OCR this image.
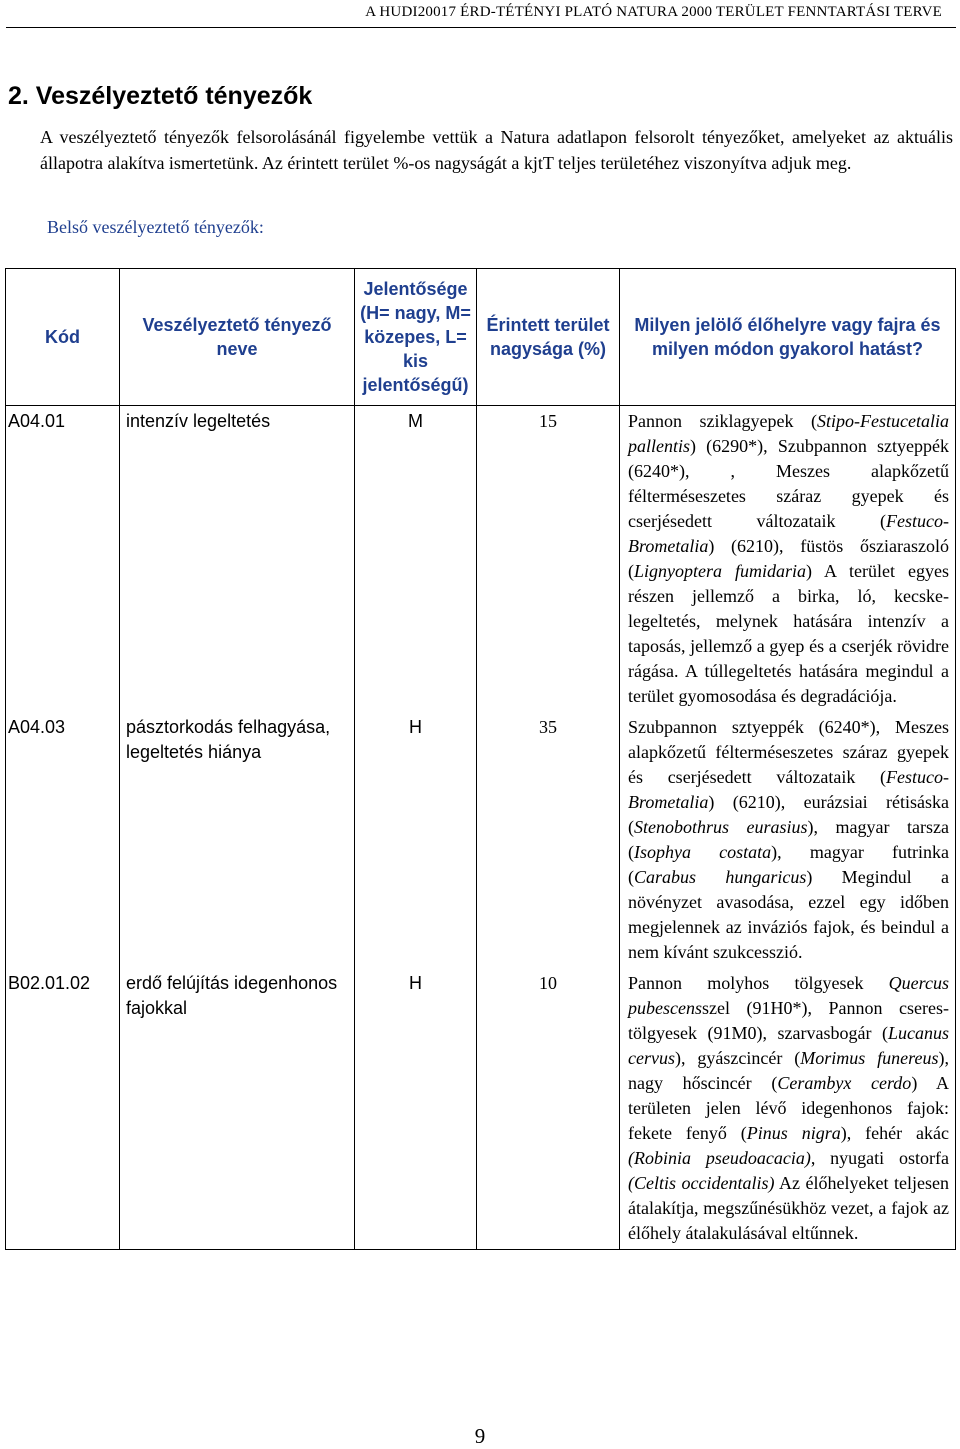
A HUDI20017 ÉRD-TÉTÉNYI PLATÓ NATURA 2000 TERÜLET FENNTARTÁSI TERVE
2. Veszélyeztető tényezők

A veszélyeztető tényezők felsorolásánál figyelembe vettük a Natura adatlapon felsorolt tényezőket, amelyeket az aktuális állapotra alakítva ismertetünk. Az érintett terület %-os nagyságát a kjtT teljes területéhez viszonyítva adjuk meg.

Belső veszélyeztető tényezők:
Kód	Veszélyeztető tényező neve	Jelentősége (H= nagy, M= közepes, L= kis jelentőségű)	Érintett terület nagysága (%)	Milyen jelölő élőhelyre vagy fajra és milyen módon gyakorol hatást?
A04.01	intenzív legeltetés	M	15	Pannon sziklagyepek (Stipo-Festucetalia pallentis) (6290*), Szubpannon sztyeppék (6240*), , Meszes alapkőzetű félterméseszetes száraz gyepek és cserjésedett változataik (Festuco-Brometalia) (6210), füstös ősziaraszoló (Lignyoptera fumidaria) A terület egyes részen jellemző a birka, ló, kecske-legeltetés, melynek hatására intenzív a taposás, jellemző a gyep és a cserjék rövidre rágása. A túllegeltetés hatására megindul a terület gyomosodása és degradációja.
A04.03	pásztorkodás felhagyása, legeltetés hiánya	H	35	Szubpannon sztyeppék (6240*), Meszes alapkőzetű félterméseszetes száraz gyepek és cserjésedett változataik (Festuco-Brometalia) (6210), eurázsiai rétisáska (Stenobothrus eurasius), magyar tarsza (Isophya costata), magyar futrinka (Carabus hungaricus) Megindul a növényzet avasodása, ezzel egy időben megjelennek az inváziós fajok, és beindul a nem kívánt szukcesszió.
B02.01.02	erdő felújítás idegenhonos fajokkal	H	10	Pannon molyhos tölgyesek Quercus pubescensszel (91H0*), Pannon cseres-tölgyesek (91M0), szarvasbogár (Lucanus cervus), gyászcincér (Morimus funereus), nagy hőscincér (Cerambyx cerdo) A területen jelen lévő idegenhonos fajok: fekete fenyő (Pinus nigra), fehér akác (Robinia pseudoacacia), nyugati ostorfa (Celtis occidentalis) Az élőhelyeket teljesen átalakítja, megszűnésükhöz vezet, a fajok az élőhely átalakulásával eltűnnek.
9
